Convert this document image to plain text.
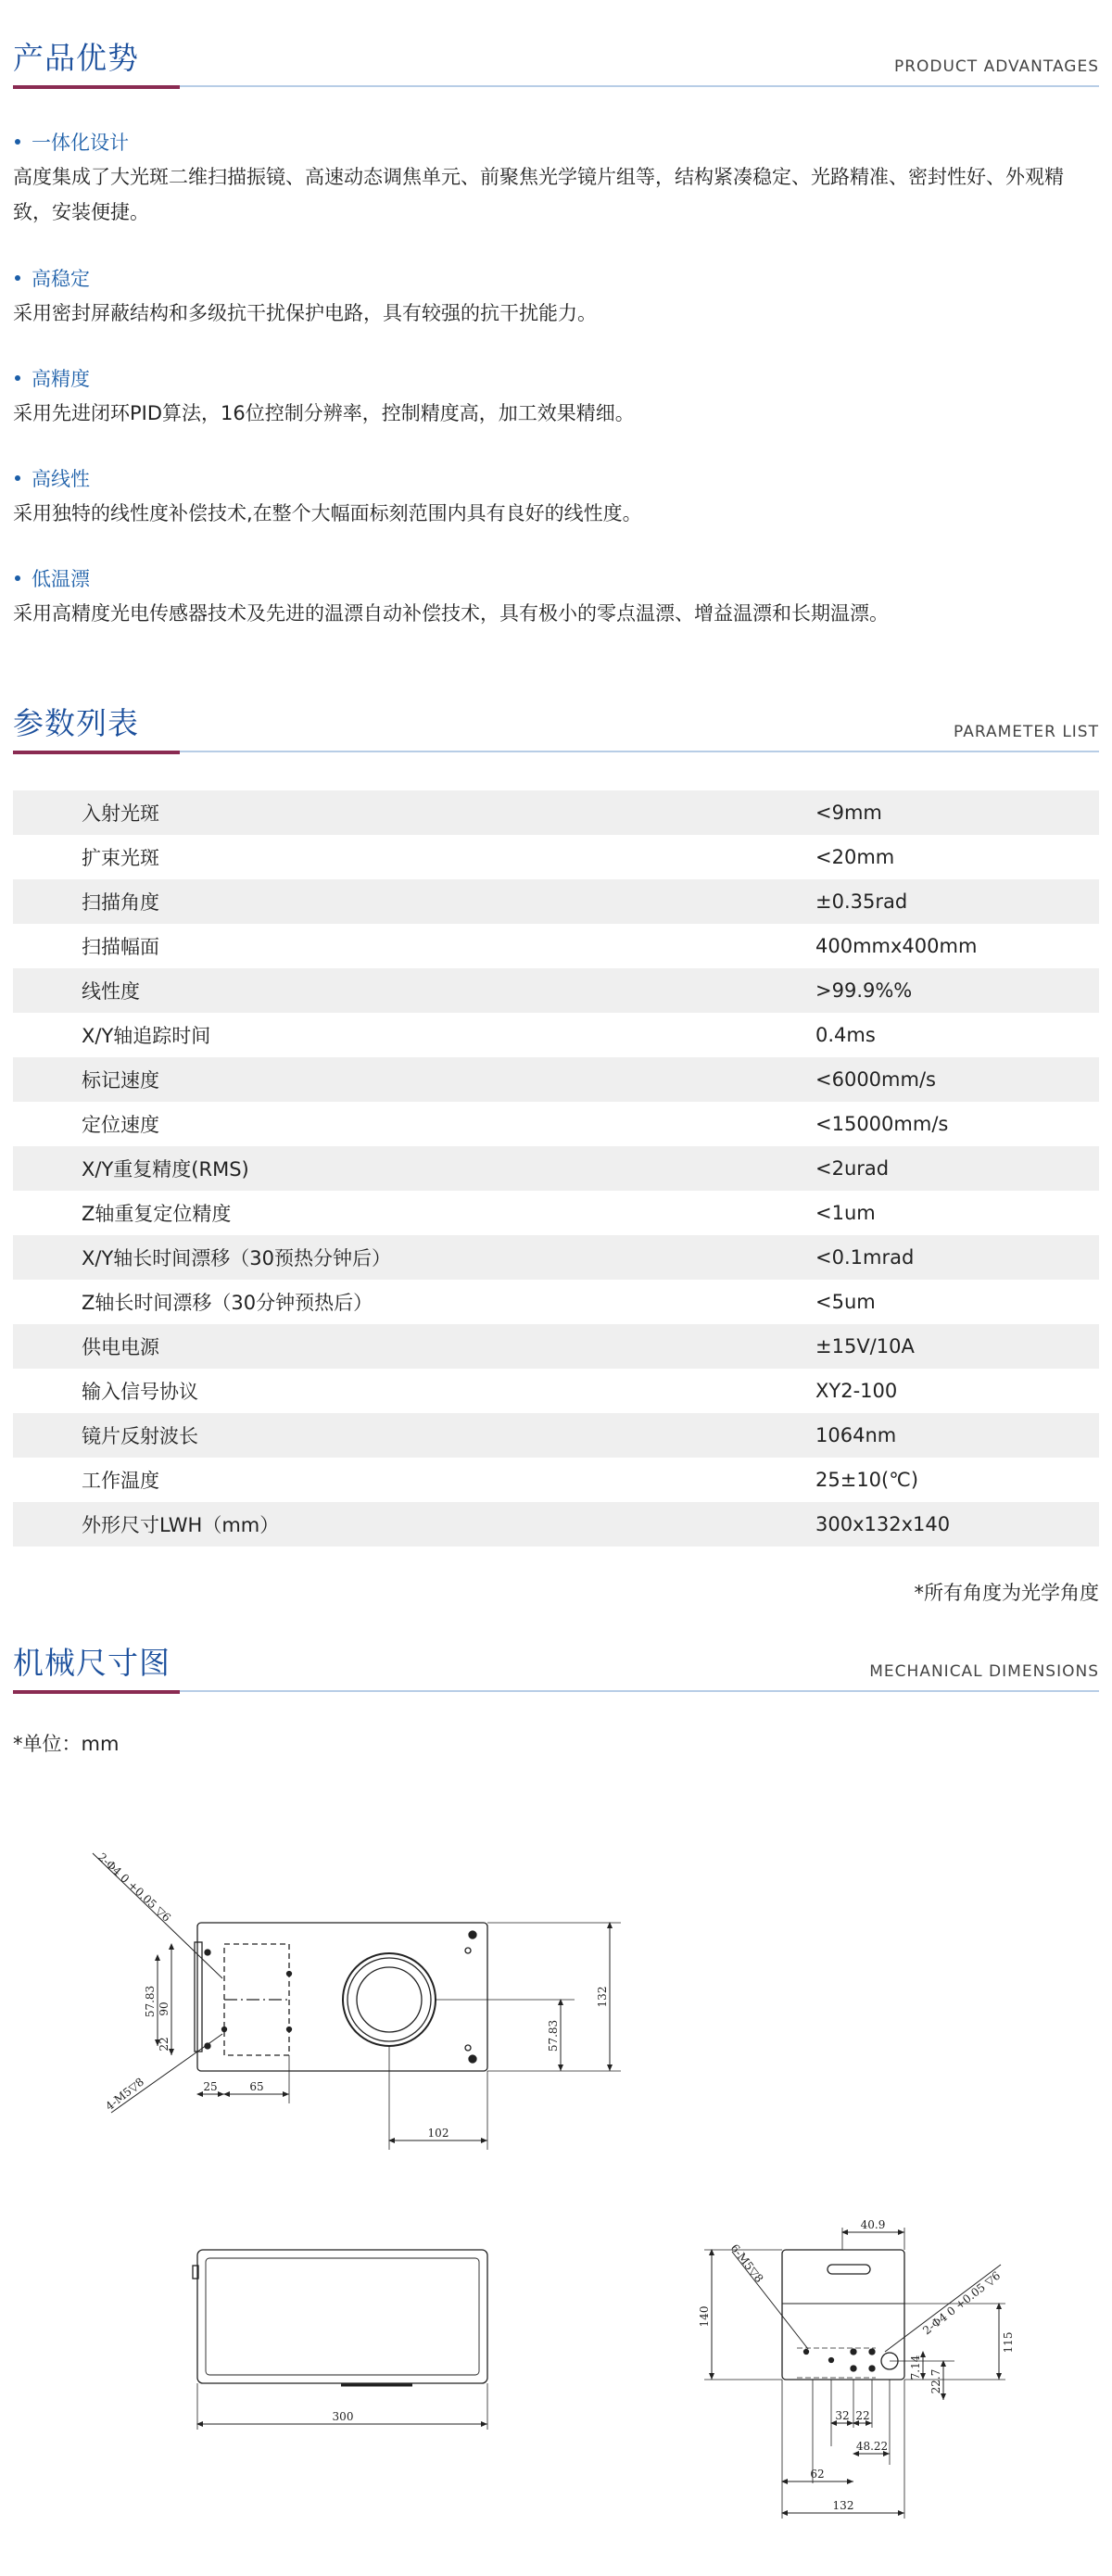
产品优势	PRODUCT ADVANTAGES
一体化设计
高度集成了大光斑二维扫描振镜、高速动态调焦单元、前聚焦光学镜片组等，结构紧凑稳定、光路精准、密封性好、外观精致，安装便捷。
高稳定
采用密封屏蔽结构和多级抗干扰保护电路，具有较强的抗干扰能力。
高精度
采用先进闭环PID算法，16位控制分辨率，控制精度高，加工效果精细。
高线性
采用独特的线性度补偿技术,在整个大幅面标刻范围内具有良好的线性度。
低温漂
采用高精度光电传感器技术及先进的温漂自动补偿技术，具有极小的零点温漂、增益温漂和长期温漂。
参数列表	PARAMETER LIST
入射光斑	<9mm
扩束光斑	<20mm
扫描角度	±0.35rad
扫描幅面	400mmx400mm
线性度	>99.9%%
X/Y轴追踪时间	0.4ms
标记速度	<6000mm/s
定位速度	<15000mm/s
X/Y重复精度(RMS)	<2urad
Z轴重复定位精度	<1um
X/Y轴长时间漂移（30预热分钟后）	<0.1mrad
Z轴长时间漂移（30分钟预热后）	<5um
供电电源	±15V/10A
输入信号协议	XY2-100
镜片反射波长	1064nm
工作温度	25±10(℃)
外形尺寸LWH（mm）	300x132x140
*所有角度为光学角度
机械尺寸图	MECHANICAL DIMENSIONS
*单位：mm
2-Φ4 0 +0.05 ▽6
4-M5▽8
90
57.83
22
25	65
102
57.83
132
300
40.9
140
115
7.14
22.7
32 22
48.22
62
132
6-M5▽8
2-Φ4 0 +0.05 ▽6
